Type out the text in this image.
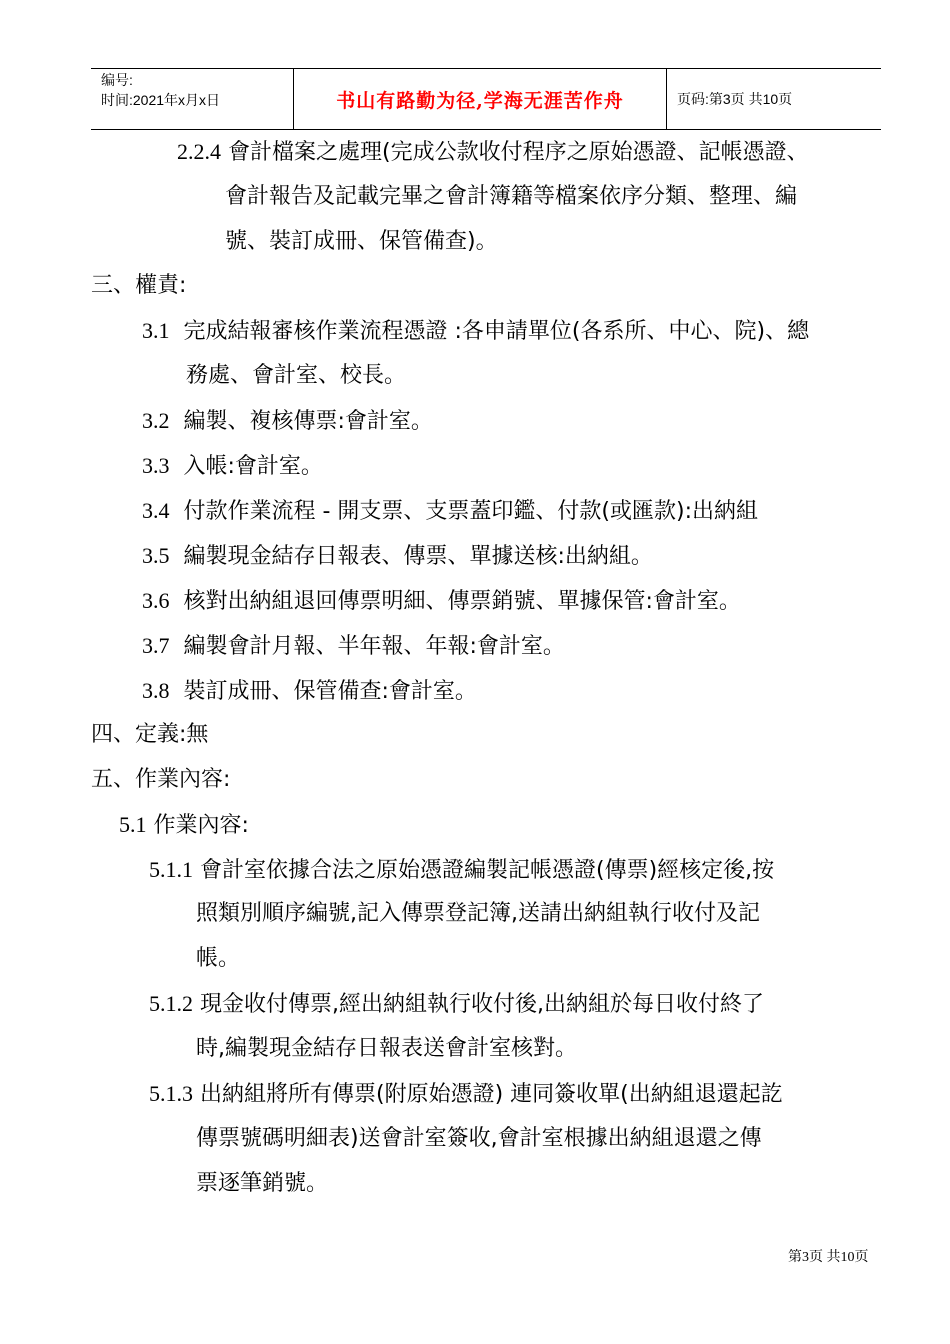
编号:
时间:2021年x月x日	书山有路勤为径,学海无涯苦作舟	页码:第3页 共10页
2.2.4 會計檔案之處理(完成公款收付程序之原始憑證、記帳憑證、
會計報告及記載完畢之會計簿籍等檔案依序分類、整理、編
號、裝訂成冊、保管備查)。
三、權責:
3.1 完成結報審核作業流程憑證 :各申請單位(各系所、中心、院)、總
務處、會計室、校長。
3.2 編製、複核傳票:會計室。
3.3 入帳:會計室。
3.4 付款作業流程 - 開支票、支票蓋印鑑、付款(或匯款):出納組
3.5 編製現金結存日報表、傳票、單據送核:出納組。
3.6 核對出納組退回傳票明細、傳票銷號、單據保管:會計室。
3.7 編製會計月報、半年報、年報:會計室。
3.8 裝訂成冊、保管備查:會計室。
四、定義:無
五、作業內容:
5.1 作業內容:
5.1.1 會計室依據合法之原始憑證編製記帳憑證(傳票)經核定後,按
照類別順序編號,記入傳票登記簿,送請出納組執行收付及記
帳。
5.1.2 現金收付傳票,經出納組執行收付後,出納組於每日收付終了
時,編製現金結存日報表送會計室核對。
5.1.3 出納組將所有傳票(附原始憑證) 連同簽收單(出納組退還起訖
傳票號碼明細表)送會計室簽收,會計室根據出納組退還之傳
票逐筆銷號。
第3页 共10页
